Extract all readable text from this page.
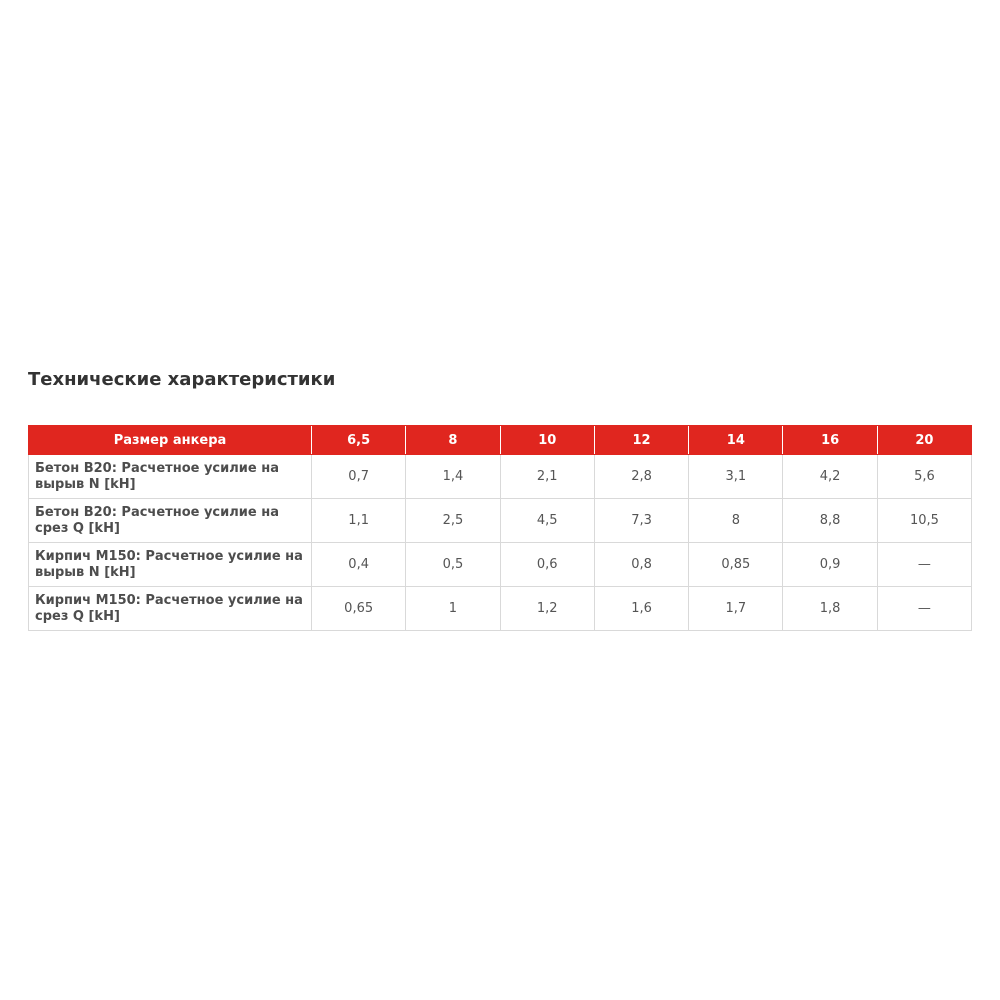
Технические характеристики
Размер анкера	6,5	8	10	12	14	16	20
Бетон B20: Расчетное усилие на вырыв N [kH]	0,7	1,4	2,1	2,8	3,1	4,2	5,6
Бетон B20: Расчетное усилие на срез Q [kH]	1,1	2,5	4,5	7,3	8	8,8	10,5
Кирпич M150: Расчетное усилие на вырыв N [kH]	0,4	0,5	0,6	0,8	0,85	0,9	—
Кирпич M150: Расчетное усилие на срез Q [kH]	0,65	1	1,2	1,6	1,7	1,8	—
